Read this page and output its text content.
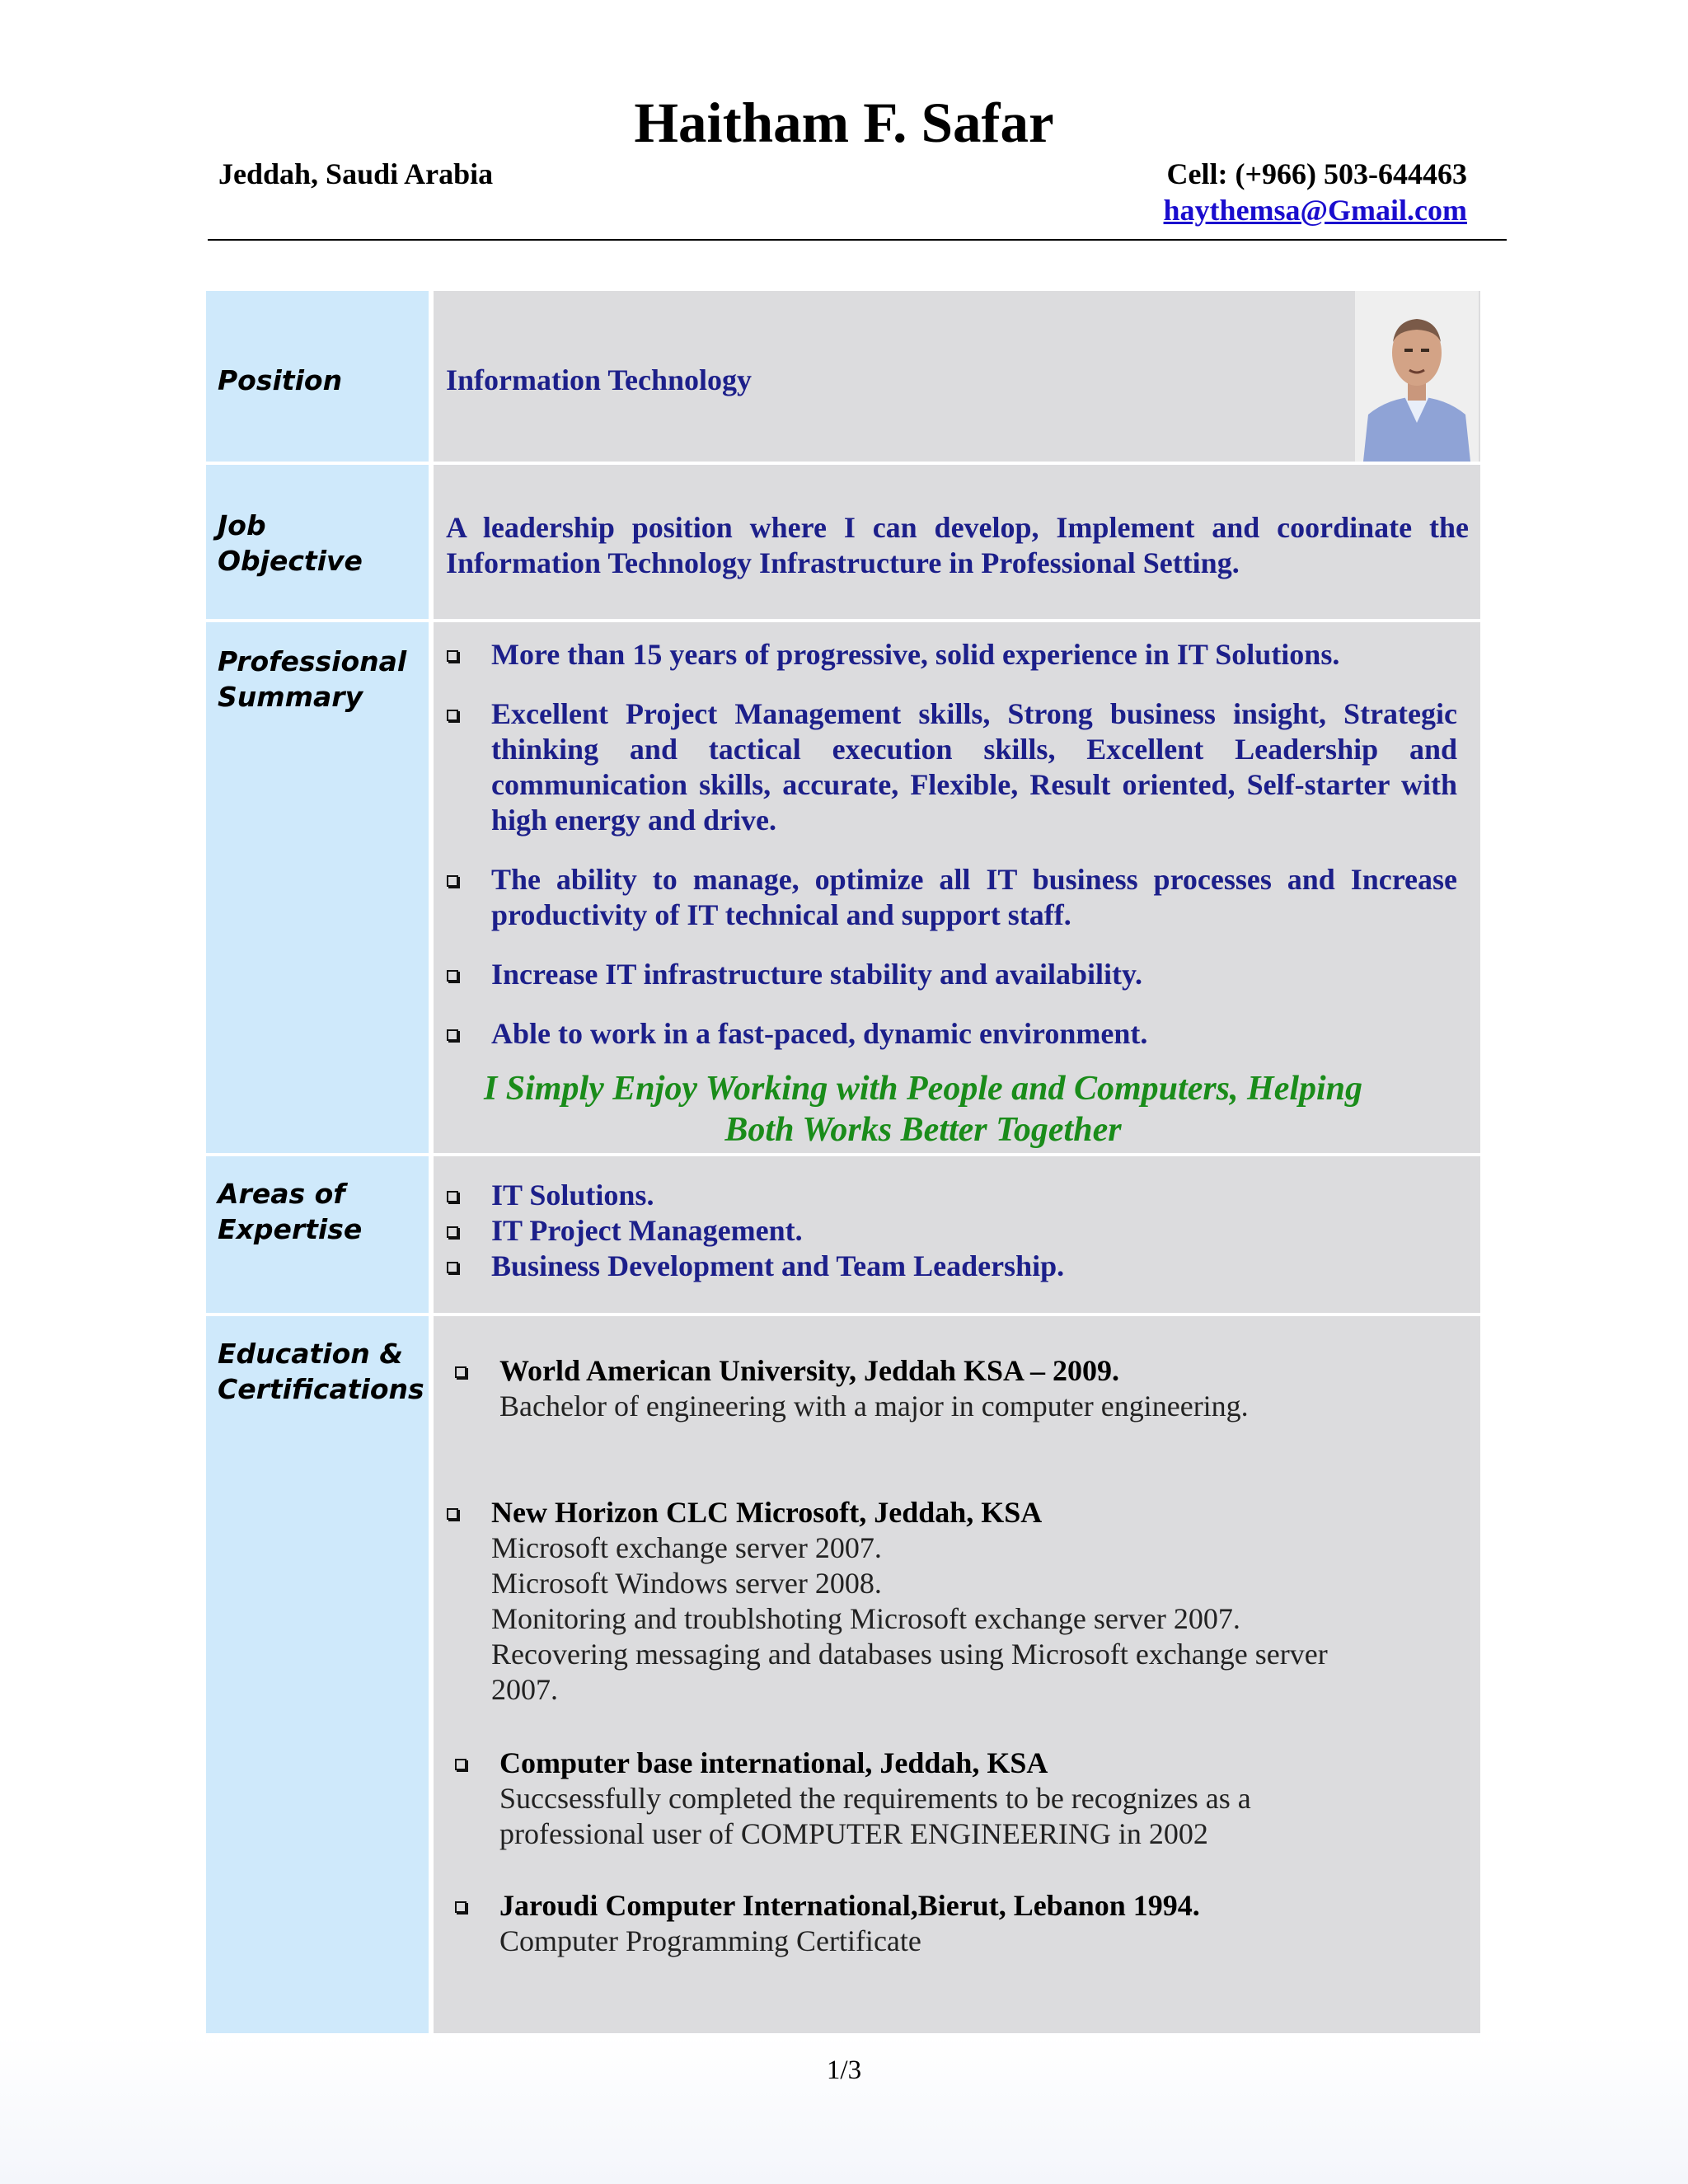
Haitham F. Safar
Jeddah, Saudi Arabia	Cell: (+966) 503-644463
haythemsa@Gmail.com
Position	Information Technology
Job
Objective
A leadership position where I can develop, Implement and coordinate the Information Technology Infrastructure in Professional Setting.
Professional
Summary
More than 15 years of progressive, solid experience in IT Solutions.
Excellent Project Management skills, Strong business insight, Strategic thinking and tactical execution skills, Excellent Leadership and communication skills, accurate, Flexible, Result oriented, Self-starter with high energy and drive.
The ability to manage, optimize all IT business processes and Increase productivity of IT technical and support staff.
Increase IT infrastructure stability and availability.
Able to work in a fast-paced, dynamic environment.
I Simply Enjoy Working with People and Computers, Helping
Both Works Better Together
Areas of
Expertise
IT Solutions.
IT Project Management.
Business Development and Team Leadership.
Education &
Certifications
World American University, Jeddah KSA – 2009.
Bachelor of engineering with a major in computer engineering.
New Horizon CLC Microsoft, Jeddah, KSA
Microsoft exchange server 2007.
Microsoft Windows server 2008.
Monitoring and troublshoting Microsoft exchange server 2007.
Recovering messaging and databases using Microsoft exchange server
2007.
Computer base international, Jeddah, KSA
Succsessfully completed the requirements to be recognizes as a
professional user of COMPUTER ENGINEERING in 2002
Jaroudi Computer International,Bierut, Lebanon 1994.
Computer Programming Certificate
1/3
